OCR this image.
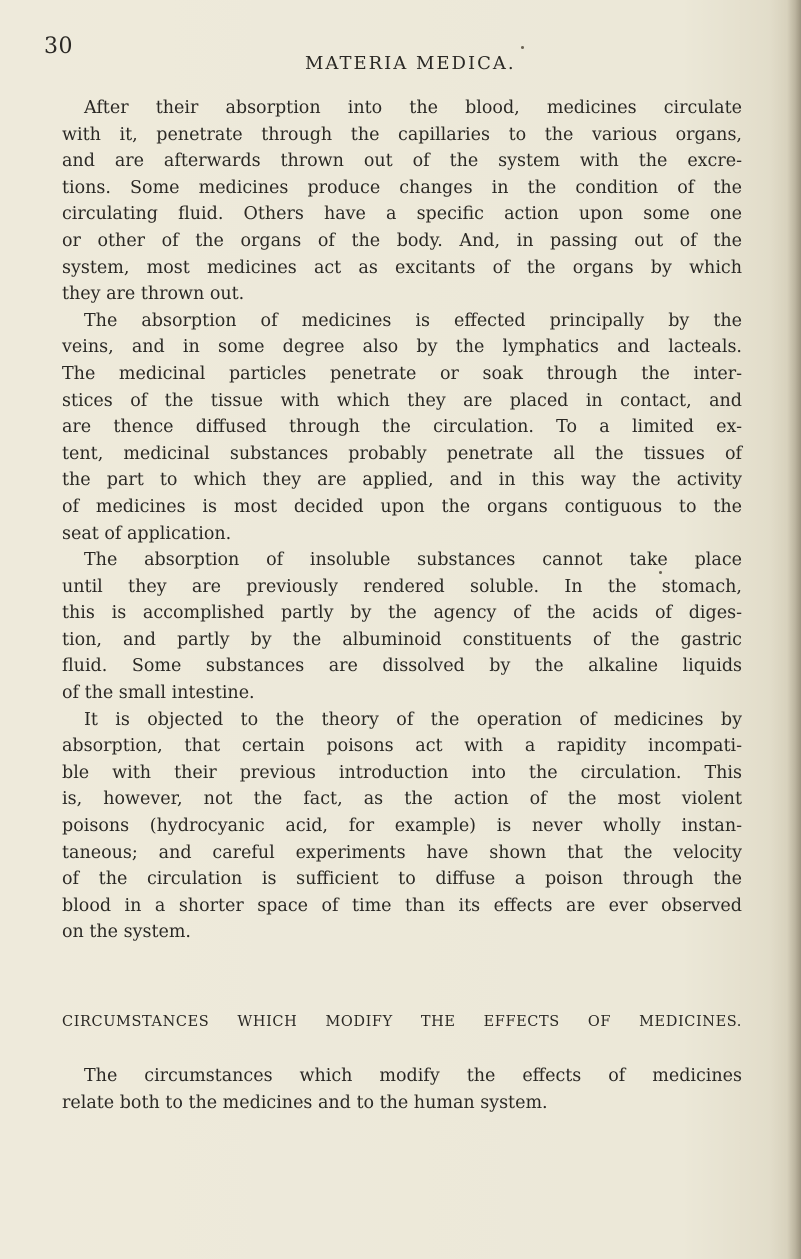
30
MATERIA MEDICA.
After their absorption into the blood, medicines circulate
with it, penetrate through the capillaries to the various organs,
and are afterwards thrown out of the system with the excre-
tions. Some medicines produce changes in the condition of the
circulating fluid. Others have a specific action upon some one
or other of the organs of the body. And, in passing out of the
system, most medicines act as excitants of the organs by which
they are thrown out.
The absorption of medicines is effected principally by the
veins, and in some degree also by the lymphatics and lacteals.
The medicinal particles penetrate or soak through the inter-
stices of the tissue with which they are placed in contact, and
are thence diffused through the circulation. To a limited ex-
tent, medicinal substances probably penetrate all the tissues of
the part to which they are applied, and in this way the activity
of medicines is most decided upon the organs contiguous to the
seat of application.
The absorption of insoluble substances cannot take place
until they are previously rendered soluble. In the stomach,
this is accomplished partly by the agency of the acids of diges-
tion, and partly by the albuminoid constituents of the gastric
fluid. Some substances are dissolved by the alkaline liquids
of the small intestine.
It is objected to the theory of the operation of medicines by
absorption, that certain poisons act with a rapidity incompati-
ble with their previous introduction into the circulation. This
is, however, not the fact, as the action of the most violent
poisons (hydrocyanic acid, for example) is never wholly instan-
taneous; and careful experiments have shown that the velocity
of the circulation is sufficient to diffuse a poison through the
blood in a shorter space of time than its effects are ever observed
on the system.
CIRCUMSTANCES WHICH MODIFY THE EFFECTS OF MEDICINES.
The circumstances which modify the effects of medicines
relate both to the medicines and to the human system.
